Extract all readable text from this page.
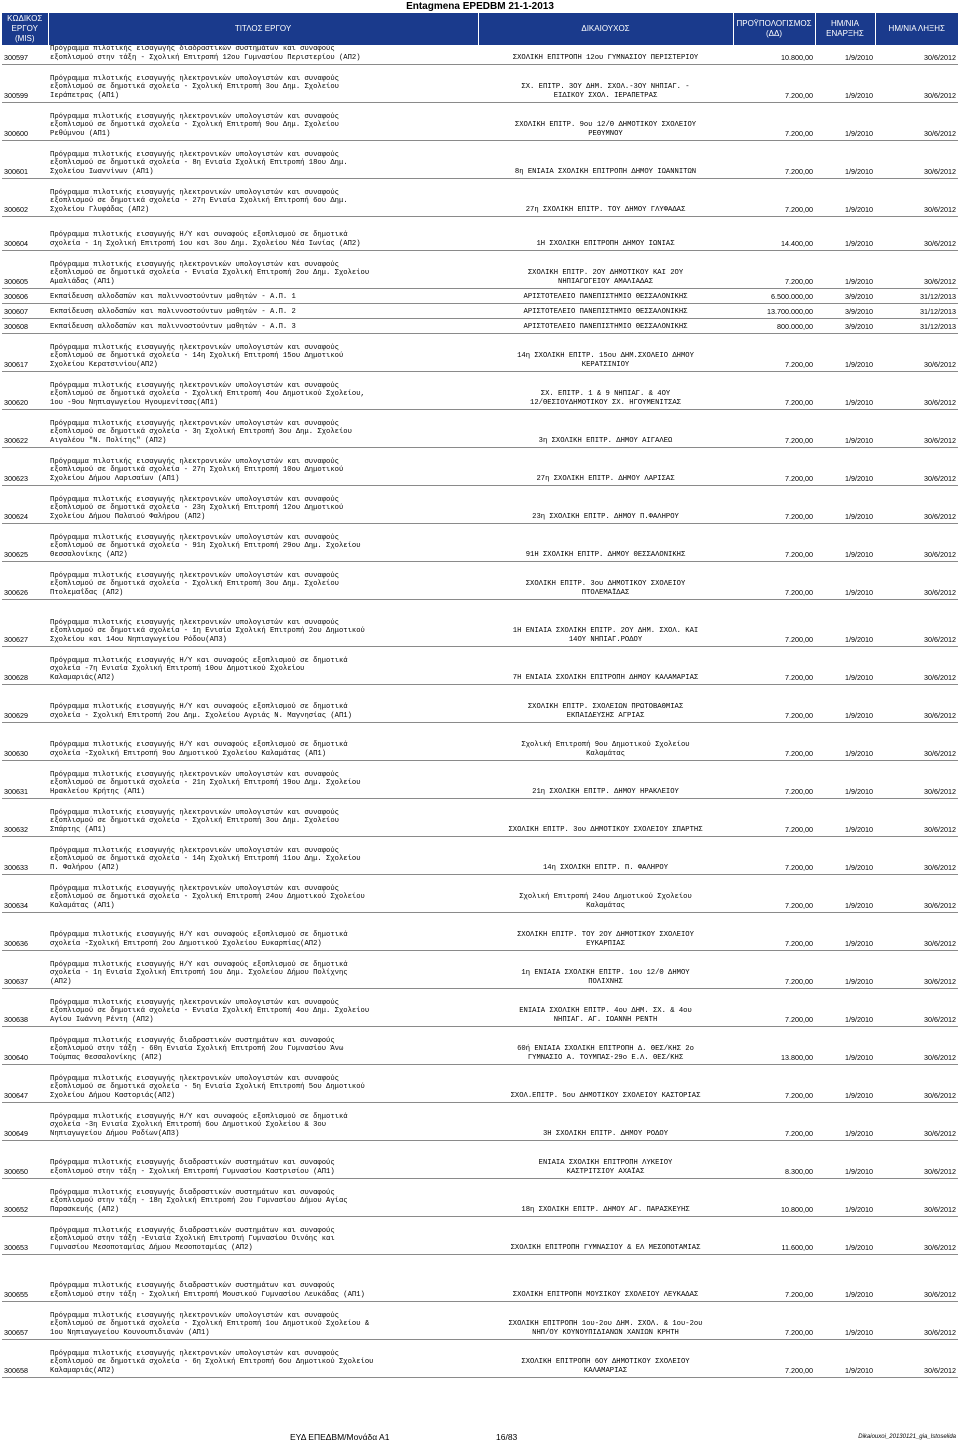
Entagmena EPEDBM 21-1-2013
ΚΩΔΙΚΟΣ ΕΡΓΟΥ (MIS)	ΤΙΤΛΟΣ ΕΡΓΟΥ	ΔΙΚΑΙΟΥΧΟΣ	ΠΡΟΫΠΟΛΟΓΙΣΜΟΣ (ΔΔ)	ΗΜ/ΝΙΑ ΕΝΑΡΞΗΣ	ΗΜ/ΝΙΑ ΛΗΞΗΣ
300597	Πρόγραμμα πιλοτικής εισαγωγής διαδραστικών συστημάτων και συναφούς
εξοπλισμού στην τάξη - Σχολική Επιτροπή 12ου Γυμνασίου Περιστερίου (ΑΠ2)	ΣΧΟΛΙΚΗ ΕΠΙΤΡΟΠΗ 12ου ΓΥΜΝΑΣΙΟΥ ΠΕΡΙΣΤΕΡΙΟΥ	10.800,00	1/9/2010	30/6/2012
300599	Πρόγραμμα πιλοτικής εισαγωγής ηλεκτρονικών υπολογιστών και συναφούς
εξοπλισμού σε δημοτικά σχολεία - Σχολική Επιτροπή 3ου Δημ. Σχολείου
Ιεράπετρας (ΑΠ1)	ΣΧ. ΕΠΙΤΡ. 3ΟΥ ΔΗΜ. ΣΧΟΛ.-3ΟΥ ΝΗΠΙΑΓ. -
ΕΙΔΙΚΟΥ ΣΧΟΛ. ΙΕΡΑΠΕΤΡΑΣ	7.200,00	1/9/2010	30/6/2012
300600	Πρόγραμμα πιλοτικής εισαγωγής ηλεκτρονικών υπολογιστών και συναφούς
εξοπλισμού σε δημοτικά σχολεία - Σχολική Επιτροπή 9ου Δημ. Σχολείου
Ρεθύμνου (ΑΠ1)	ΣΧΟΛΙΚΗ ΕΠΙΤΡ. 9ου 12/Θ ΔΗΜΟΤΙΚΟΥ ΣΧΟΛΕΙΟΥ
ΡΕΘΥΜΝΟΥ	7.200,00	1/9/2010	30/6/2012
300601	Πρόγραμμα πιλοτικής εισαγωγής ηλεκτρονικών υπολογιστών και συναφούς
εξοπλισμού σε δημοτικά σχολεία - 8η Ενιαία Σχολική Επιτροπή 18ου Δημ.
Σχολείου Ιωαννίνων (ΑΠ1)	8η ΕΝΙΑΙΑ ΣΧΟΛΙΚΗ ΕΠΙΤΡΟΠΗ ΔΗΜΟΥ ΙΩΑΝΝΙΤΩΝ	7.200,00	1/9/2010	30/6/2012
300602	Πρόγραμμα πιλοτικής εισαγωγής ηλεκτρονικών υπολογιστών και συναφούς
εξοπλισμού σε δημοτικά σχολεία - 27η Ενιαία Σχολική Επιτροπή 6ου Δημ.
Σχολείου Γλυφάδας (ΑΠ2)	27η ΣΧΟΛΙΚΗ ΕΠΙΤΡ. ΤΟΥ ΔΗΜΟΥ ΓΛΥΦΑΔΑΣ	7.200,00	1/9/2010	30/6/2012
300604	Πρόγραμμα πιλοτικής εισαγωγής Η/Υ και συναφούς εξοπλισμού σε δημοτικά
σχολεία - 1η Σχολική Επιτροπή 1ου και 3ου Δημ. Σχολείου Νέα Ιωνίας (ΑΠ2)	1Η ΣΧΟΛΙΚΗ ΕΠΙΤΡΟΠΗ ΔΗΜΟΥ ΙΩΝΙΑΣ	14.400,00	1/9/2010	30/6/2012
300605	Πρόγραμμα πιλοτικής εισαγωγής ηλεκτρονικών υπολογιστών και συναφούς
εξοπλισμού σε δημοτικά σχολεία - Ενιαία Σχολική Επιτροπή 2ου Δημ. Σχολείου
Αμαλιάδας (ΑΠ1)	ΣΧΟΛΙΚΗ ΕΠΙΤΡ. 2ΟΥ ΔΗΜΟΤΙΚΟΥ ΚΑΙ 2ΟΥ
ΝΗΠΙΑΓΩΓΕΙΟΥ ΑΜΑΛΙΑΔΑΣ	7.200,00	1/9/2010	30/6/2012
300606	Εκπαίδευση αλλοδαπών και παλιννοστούντων μαθητών - Α.Π. 1	ΑΡΙΣΤΟΤΕΛΕΙΟ ΠΑΝΕΠΙΣΤΗΜΙΟ ΘΕΣΣΑΛΟΝΙΚΗΣ	6.500.000,00	3/9/2010	31/12/2013
300607	Εκπαίδευση αλλοδαπών και παλιννοστούντων μαθητών - Α.Π. 2	ΑΡΙΣΤΟΤΕΛΕΙΟ ΠΑΝΕΠΙΣΤΗΜΙΟ ΘΕΣΣΑΛΟΝΙΚΗΣ	13.700.000,00	3/9/2010	31/12/2013
300608	Εκπαίδευση αλλοδαπών και παλιννοστούντων μαθητών - Α.Π. 3	ΑΡΙΣΤΟΤΕΛΕΙΟ ΠΑΝΕΠΙΣΤΗΜΙΟ ΘΕΣΣΑΛΟΝΙΚΗΣ	800.000,00	3/9/2010	31/12/2013
300617	Πρόγραμμα πιλοτικής εισαγωγής ηλεκτρονικών υπολογιστών και συναφούς
εξοπλισμού σε δημοτικά σχολεία - 14η Σχολική Επιτροπή 15ου Δημοτικού
Σχολείου Κερατσινίου(ΑΠ2)	14η ΣΧΟΛΙΚΗ ΕΠΙΤΡ. 15ου ΔΗΜ.ΣΧΟΛΕΙΟ ΔΗΜΟΥ
ΚΕΡΑΤΣΙΝΙΟΥ	7.200,00	1/9/2010	30/6/2012
300620	Πρόγραμμα πιλοτικής εισαγωγής ηλεκτρονικών υπολογιστών και συναφούς
εξοπλισμού σε δημοτικά σχολεία - Σχολική Επιτροπή 4ου Δημοτικού Σχολείου,
1ου -9ου Νηπιαγωγείου Ηγουμενίτσας(ΑΠ1)	ΣΧ. ΕΠΙΤΡ. 1 & 9 ΝΗΠΙΑΓ. & 4ΟΥ
12/ΘΕΣΙΟΥΔΗΜΟΤΙΚΟΥ ΣΧ. ΗΓΟΥΜΕΝΙΤΣΑΣ	7.200,00	1/9/2010	30/6/2012
300622	Πρόγραμμα πιλοτικής εισαγωγής ηλεκτρονικών υπολογιστών και συναφούς
εξοπλισμού σε δημοτικά σχολεία - 3η Σχολική Επιτροπή 3ου Δημ. Σχολείου
Αιγαλέου "Ν. Πολίτης" (ΑΠ2)	3η ΣΧΟΛΙΚΗ ΕΠΙΤΡ. ΔΗΜΟΥ ΑΙΓΑΛΕΩ	7.200,00	1/9/2010	30/6/2012
300623	Πρόγραμμα πιλοτικής εισαγωγής ηλεκτρονικών υπολογιστών και συναφούς
εξοπλισμού σε δημοτικά σχολεία - 27η Σχολική Επιτροπή 10ου Δημοτικού
Σχολείου Δήμου Λαρισαίων (ΑΠ1)	27η ΣΧΟΛΙΚΗ ΕΠΙΤΡ. ΔΗΜΟΥ ΛΑΡΙΣΑΣ	7.200,00	1/9/2010	30/6/2012
300624	Πρόγραμμα πιλοτικής εισαγωγής ηλεκτρονικών υπολογιστών και συναφούς
εξοπλισμού σε δημοτικά σχολεία - 23η Σχολική Επιτροπή 12ου Δημοτικού
Σχολείου Δήμου Παλαιού Φαλήρου (ΑΠ2)	23η ΣΧΟΛΙΚΗ ΕΠΙΤΡ. ΔΗΜΟΥ Π.ΦΑΛΗΡΟΥ	7.200,00	1/9/2010	30/6/2012
300625	Πρόγραμμα πιλοτικής εισαγωγής ηλεκτρονικών υπολογιστών και συναφούς
εξοπλισμού σε δημοτικά σχολεία - 91η Σχολική Επιτροπή 29ου Δημ. Σχολείου
Θεσσαλονίκης (ΑΠ2)	91Η ΣΧΟΛΙΚΗ ΕΠΙΤΡ. ΔΗΜΟΥ ΘΕΣΣΑΛΟΝΙΚΗΣ	7.200,00	1/9/2010	30/6/2012
300626	Πρόγραμμα πιλοτικής εισαγωγής ηλεκτρονικών υπολογιστών και συναφούς
εξοπλισμού σε δημοτικά σχολεία - Σχολική Επιτροπή 3ου Δημ. Σχολείου
Πτολεμαΐδας (ΑΠ2)	ΣΧΟΛΙΚΗ ΕΠΙΤΡ. 3ου ΔΗΜΟΤΙΚΟΥ ΣΧΟΛΕΙΟΥ
ΠΤΟΛΕΜΑΪΔΑΣ	7.200,00	1/9/2010	30/6/2012
300627	Πρόγραμμα πιλοτικής εισαγωγής ηλεκτρονικών υπολογιστών και συναφούς
εξοπλισμού σε δημοτικά σχολεία - 1η Ενιαία Σχολική Επιτροπή 2ου Δημοτικού
Σχολείου και 14ου Νηπιαγωγείου Ρόδου(ΑΠ3)	1Η ΕΝΙΑΙΑ ΣΧΟΛΙΚΗ ΕΠΙΤΡ. 2ΟΥ ΔΗΜ. ΣΧΟΛ. ΚΑΙ
14ΟΥ ΝΗΠΙΑΓ.ΡΟΔΟΥ	7.200,00	1/9/2010	30/6/2012
300628	Πρόγραμμα πιλοτικής εισαγωγής Η/Υ και συναφούς εξοπλισμού σε δημοτικά
σχολεία -7η Ενιαία Σχολική Επιτροπή 10ου Δημοτικού Σχολείου
Καλαμαριάς(ΑΠ2)	7Η ΕΝΙΑΙΑ ΣΧΟΛΙΚΗ ΕΠΙΤΡΟΠΗ ΔΗΜΟΥ ΚΑΛΑΜΑΡΙΑΣ	7.200,00	1/9/2010	30/6/2012
300629	Πρόγραμμα πιλοτικής εισαγωγής Η/Υ και συναφούς εξοπλισμού σε δημοτικά
σχολεία - Σχολική Επιτροπή 2ου Δημ. Σχολείου Αγριάς Ν. Μαγνησίας (ΑΠ1)	ΣΧΟΛΙΚΗ ΕΠΙΤΡ. ΣΧΟΛΕΙΩΝ ΠΡΩΤΟΒΑΘΜΙΑΣ
ΕΚΠΑΙΔΕΥΣΗΣ ΑΓΡΙΑΣ	7.200,00	1/9/2010	30/6/2012
300630	Πρόγραμμα πιλοτικής εισαγωγής Η/Υ και συναφούς εξοπλισμού σε δημοτικά
σχολεία -Σχολική Επιτροπή 9ου Δημοτικού Σχολείου Καλαμάτας (ΑΠ1)	Σχολική Επιτροπή 9ου Δημοτικού Σχολείου
Καλαμάτας	7.200,00	1/9/2010	30/6/2012
300631	Πρόγραμμα πιλοτικής εισαγωγής ηλεκτρονικών υπολογιστών και συναφούς
εξοπλισμού σε δημοτικά σχολεία - 21η Σχολική Επιτροπή 19ου Δημ. Σχολείου
Ηρακλείου Κρήτης (ΑΠ1)	21η ΣΧΟΛΙΚΗ ΕΠΙΤΡ. ΔΗΜΟΥ ΗΡΑΚΛΕΙΟΥ	7.200,00	1/9/2010	30/6/2012
300632	Πρόγραμμα πιλοτικής εισαγωγής ηλεκτρονικών υπολογιστών και συναφούς
εξοπλισμού σε δημοτικά σχολεία - Σχολική Επιτροπή 3ου Δημ. Σχολείου
Σπάρτης (ΑΠ1)	ΣΧΟΛΙΚΗ ΕΠΙΤΡ. 3ου ΔΗΜΟΤΙΚΟΥ ΣΧΟΛΕΙΟΥ ΣΠΑΡΤΗΣ	7.200,00	1/9/2010	30/6/2012
300633	Πρόγραμμα πιλοτικής εισαγωγής ηλεκτρονικών υπολογιστών και συναφούς
εξοπλισμού σε δημοτικά σχολεία - 14η Σχολική Επιτροπή 11ου Δημ. Σχολείου
Π. Φαλήρου (ΑΠ2)	14η ΣΧΟΛΙΚΗ ΕΠΙΤΡ. Π. ΦΑΛΗΡΟΥ	7.200,00	1/9/2010	30/6/2012
300634	Πρόγραμμα πιλοτικής εισαγωγής ηλεκτρονικών υπολογιστών και συναφούς
εξοπλισμού σε δημοτικά σχολεία - Σχολική Επιτροπή 24ου Δημοτικού Σχολείου
Καλαμάτας (ΑΠ1)	Σχολική Επιτροπή 24ου Δημοτικού Σχολείου
Καλαμάτας	7.200,00	1/9/2010	30/6/2012
300636	Πρόγραμμα πιλοτικής εισαγωγής Η/Υ και συναφούς εξοπλισμού σε δημοτικά
σχολεία -Σχολική Επιτροπή 2ου Δημοτικού Σχολείου Ευκαρπίας(ΑΠ2)	ΣΧΟΛΙΚΗ ΕΠΙΤΡ. ΤΟΥ 2ΟΥ ΔΗΜΟΤΙΚΟΥ ΣΧΟΛΕΙΟΥ
ΕΥΚΑΡΠΙΑΣ	7.200,00	1/9/2010	30/6/2012
300637	Πρόγραμμα πιλοτικής εισαγωγής Η/Υ και συναφούς εξοπλισμού σε δημοτικά
σχολεία - 1η Ενιαία Σχολική Επιτροπή 1ου Δημ. Σχολείου Δήμου Πολίχνης
(ΑΠ2)	1η ΕΝΙΑΙΑ ΣΧΟΛΙΚΗ ΕΠΙΤΡ. 1ου 12/Θ ΔΗΜΟΥ
ΠΟΛΙΧΝΗΣ	7.200,00	1/9/2010	30/6/2012
300638	Πρόγραμμα πιλοτικής εισαγωγής ηλεκτρονικών υπολογιστών και συναφούς
εξοπλισμού σε δημοτικά σχολεία - Ενιαία Σχολική Επιτροπή 4ου Δημ. Σχολείου
Αγίου Ιωάννη Ρέντη (ΑΠ2)	ΕΝΙΑΙΑ ΣΧΟΛΙΚΗ ΕΠΙΤΡ. 4ου ΔΗΜ. ΣΧ. & 4ου
ΝΗΠΙΑΓ. ΑΓ. ΙΩΑΝΝΗ ΡΕΝΤΗ	7.200,00	1/9/2010	30/6/2012
300640	Πρόγραμμα πιλοτικής εισαγωγής διαδραστικών συστημάτων και συναφούς
εξοπλισμού στην τάξη - 60η Ενιαία Σχολική Επιτροπή 2ου Γυμνασίου Άνω
Τούμπας Θεσσαλονίκης (ΑΠ2)	60ή ΕΝΙΑΙΑ ΣΧΟΛΙΚΗ ΕΠΙΤΡΟΠΗ Δ. ΘΕΣ/ΚΗΣ 2ο
ΓΥΜΝΑΣΙΟ Α. ΤΟΥΜΠΑΣ-29ο Ε.Λ. ΘΕΣ/ΚΗΣ	13.800,00	1/9/2010	30/6/2012
300647	Πρόγραμμα πιλοτικής εισαγωγής ηλεκτρονικών υπολογιστών και συναφούς
εξοπλισμού σε δημοτικά σχολεία - 5η Ενιαία Σχολική Επιτροπή 5ου Δημοτικού
Σχολείου Δήμου Καστοριάς(ΑΠ2)	ΣΧΟΛ.ΕΠΙΤΡ. 5ου ΔΗΜΟΤΙΚΟΥ ΣΧΟΛΕΙΟΥ ΚΑΣΤΟΡΙΑΣ	7.200,00	1/9/2010	30/6/2012
300649	Πρόγραμμα πιλοτικής εισαγωγής Η/Υ και συναφούς εξοπλισμού σε δημοτικά
σχολεία -3η Ενιαία Σχολική Επιτροπή 6ου Δημοτικού Σχολείου & 3ου
Νηπιαγωγείου Δήμου Ροδίων(ΑΠ3)	3Η ΣΧΟΛΙΚΗ ΕΠΙΤΡ. ΔΗΜΟΥ ΡΟΔΟΥ	7.200,00	1/9/2010	30/6/2012
300650	Πρόγραμμα πιλοτικής εισαγωγής διαδραστικών συστημάτων και συναφούς
εξοπλισμού στην τάξη - Σχολική Επιτροπή Γυμνασίου Καστρισίου (ΑΠ1)	ΕΝΙΑΙΑ ΣΧΟΛΙΚΗ ΕΠΙΤΡΟΠΗ ΛΥΚΕΙΟΥ
ΚΑΣΤΡΙΤΣΙΟΥ ΑΧΑΪΑΣ	8.300,00	1/9/2010	30/6/2012
300652	Πρόγραμμα πιλοτικής εισαγωγής διαδραστικών συστημάτων και συναφούς
εξοπλισμού στην τάξη - 18η Σχολική Επιτροπή 2ου Γυμνασίου Δήμου Αγίας
Παρασκευής (ΑΠ2)	18η ΣΧΟΛΙΚΗ ΕΠΙΤΡ. ΔΗΜΟΥ ΑΓ. ΠΑΡΑΣΚΕΥΗΣ	10.800,00	1/9/2010	30/6/2012
300653	Πρόγραμμα πιλοτικής εισαγωγής διαδραστικών συστημάτων και συναφούς
εξοπλισμού στην τάξη -Ενιαία Σχολική Επιτροπή Γυμνασίου Οινόης και
Γυμνασίου Μεσοποταμίας Δήμου Μεσοποταμίας (ΑΠ2)	ΣΧΟΛΙΚΗ ΕΠΙΤΡΟΠΗ ΓΥΜΝΑΣΙΟΥ & ΕΛ ΜΕΣΟΠΟΤΑΜΙΑΣ	11.600,00	1/9/2010	30/6/2012
300655	Πρόγραμμα πιλοτικής εισαγωγής διαδραστικών συστημάτων και συναφούς
εξοπλισμού στην τάξη - Σχολική Επιτροπή Μουσικού Γυμνασίου Λευκάδας (ΑΠ1)	ΣΧΟΛΙΚΗ ΕΠΙΤΡΟΠΗ ΜΟΥΣΙΚΟΥ ΣΧΟΛΕΙΟΥ ΛΕΥΚΑΔΑΣ	7.200,00	1/9/2010	30/6/2012
300657	Πρόγραμμα πιλοτικής εισαγωγής ηλεκτρονικών υπολογιστών και συναφούς
εξοπλισμού σε δημοτικά σχολεία - Σχολική Επιτροπή 1ου Δημοτικού Σχολείου &
1ου Νηπιαγωγείου Κουνουπιδιανών (ΑΠ1)	ΣΧΟΛΙΚΗ ΕΠΙΤΡΟΠΗ 1ου-2ου ΔΗΜ. ΣΧΟΛ. & 1ου-2ου
ΝΗΠ/ΟΥ ΚΟΥΝΟΥΠΙΔΙΑΝΩΝ ΧΑΝΙΩΝ ΚΡΗΤΗ	7.200,00	1/9/2010	30/6/2012
300658	Πρόγραμμα πιλοτικής εισαγωγής ηλεκτρονικών υπολογιστών και συναφούς
εξοπλισμού σε δημοτικά σχολεία - 6η Σχολική Επιτροπή 6ου Δημοτικού Σχολείου
Καλαμαριάς(ΑΠ2)	ΣΧΟΛΙΚΗ ΕΠΙΤΡΟΠΗ 6ΟΥ ΔΗΜΟΤΙΚΟΥ ΣΧΟΛΕΙΟΥ
ΚΑΛΑΜΑΡΙΑΣ	7.200,00	1/9/2010	30/6/2012
ΕΥΔ ΕΠΕΔΒΜ/Μονάδα Α1	16/83	Dikaiouxoi_20130121_gia_Istoselida
